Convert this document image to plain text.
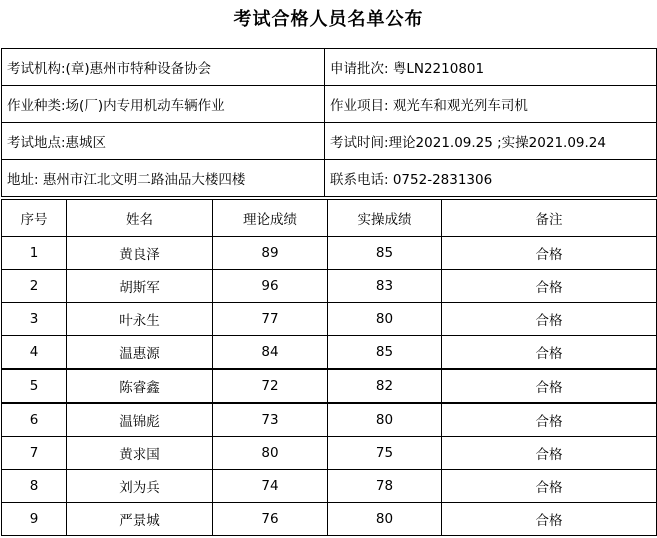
考试合格人员名单公布
考试机构:(章)惠州市特种设备协会	申请批次: 粤LN2210801
作业种类:场(厂)内专用机动车辆作业	作业项目: 观光车和观光列车司机
考试地点:惠城区	考试时间:理论2021.09.25 ;实操2021.09.24
地址: 惠州市江北文明二路油品大楼四楼	联系电话: 0752-2831306
序号	姓名	理论成绩	实操成绩	备注
1	黄良泽	89	85	合格
2	胡斯军	96	83	合格
3	叶永生	77	80	合格
4	温惠源	84	85	合格
5	陈睿鑫	72	82	合格
6	温锦彪	73	80	合格
7	黄求国	80	75	合格
8	刘为兵	74	78	合格
9	严景城	76	80	合格
